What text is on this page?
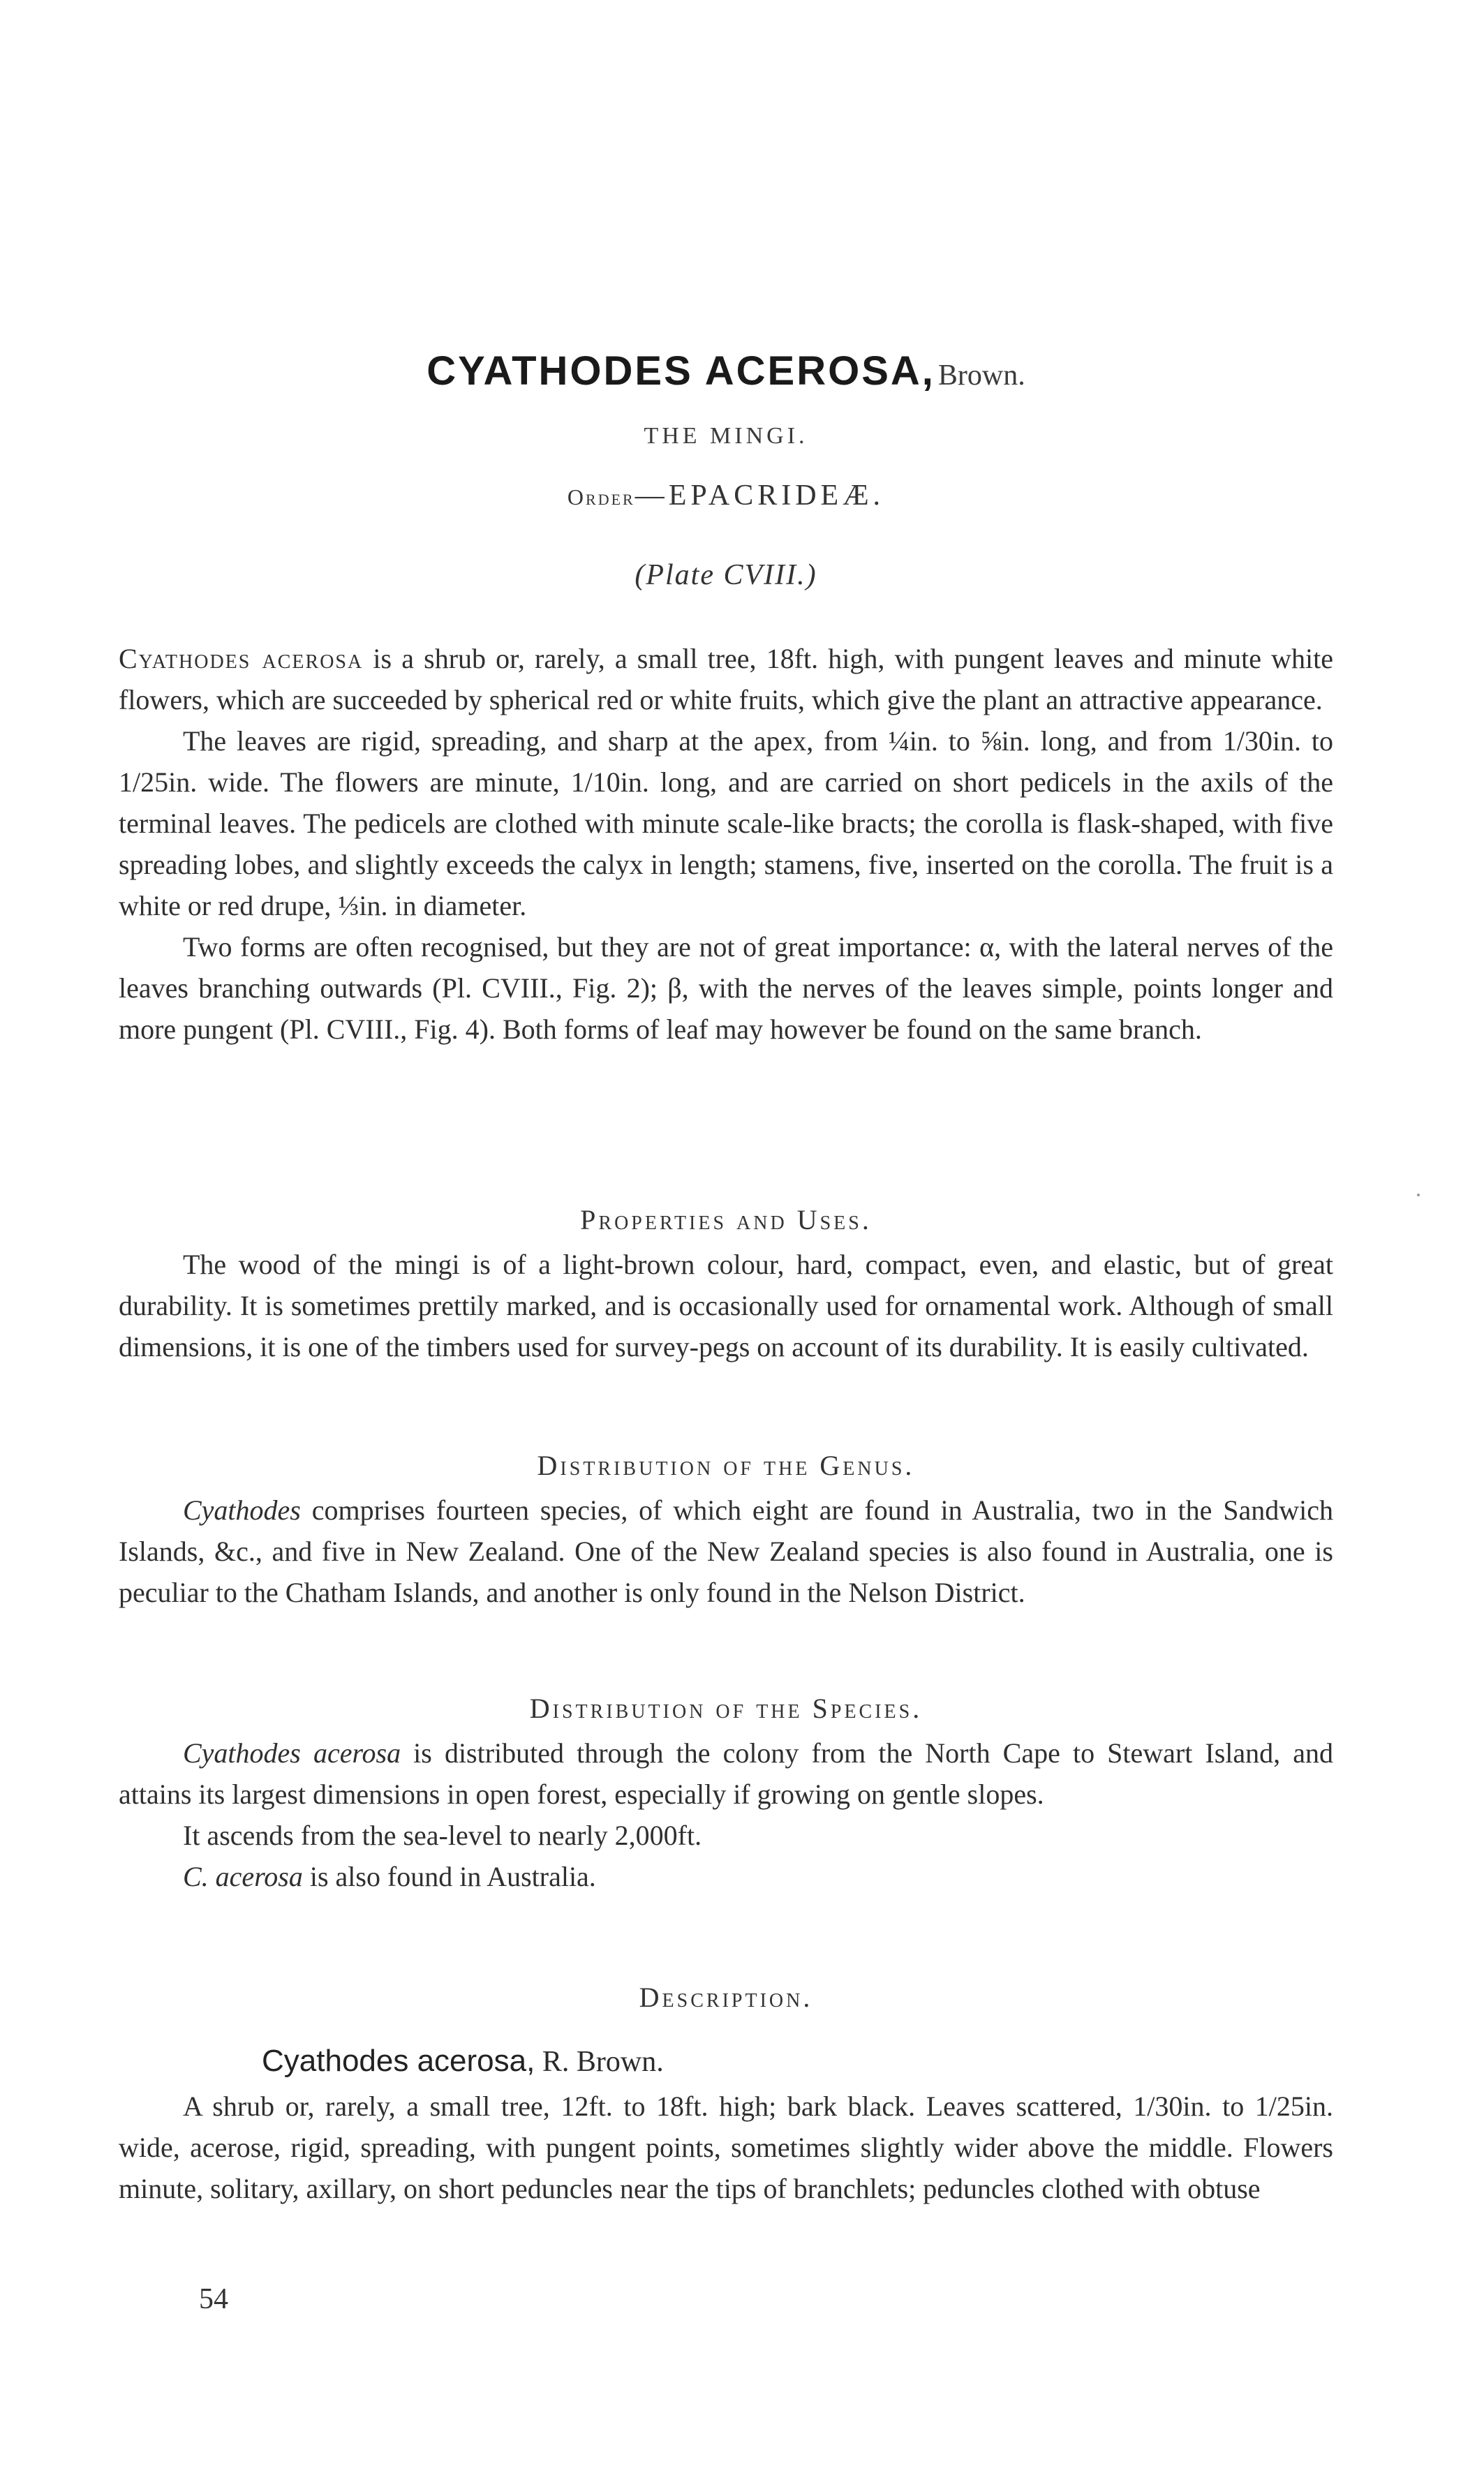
CYATHODES ACEROSA, Brown.
THE MINGI.
Order—EPACRIDEÆ.
(Plate CVIII.)

Cyathodes acerosa is a shrub or, rarely, a small tree, 18ft. high, with pungent leaves and minute white flowers, which are succeeded by spherical red or white fruits, which give the plant an attractive appearance.

The leaves are rigid, spreading, and sharp at the apex, from ¼in. to ⅝in. long, and from 1/30in. to 1/25in. wide. The flowers are minute, 1/10in. long, and are carried on short pedicels in the axils of the terminal leaves. The pedicels are clothed with minute scale-like bracts; the corolla is flask-shaped, with five spreading lobes, and slightly exceeds the calyx in length; stamens, five, inserted on the corolla. The fruit is a white or red drupe, ⅓in. in diameter.

Two forms are often recognised, but they are not of great importance: α, with the lateral nerves of the leaves branching outwards (Pl. CVIII., Fig. 2); β, with the nerves of the leaves simple, points longer and more pungent (Pl. CVIII., Fig. 4). Both forms of leaf may however be found on the same branch.

Properties and Uses.

The wood of the mingi is of a light-brown colour, hard, compact, even, and elastic, but of great durability. It is sometimes prettily marked, and is occasionally used for ornamental work. Although of small dimensions, it is one of the timbers used for survey-pegs on account of its durability. It is easily cultivated.

Distribution of the Genus.

Cyathodes comprises fourteen species, of which eight are found in Australia, two in the Sandwich Islands, &c., and five in New Zealand. One of the New Zealand species is also found in Australia, one is peculiar to the Chatham Islands, and another is only found in the Nelson District.

Distribution of the Species.

Cyathodes acerosa is distributed through the colony from the North Cape to Stewart Island, and attains its largest dimensions in open forest, especially if growing on gentle slopes.

It ascends from the sea-level to nearly 2,000ft.

C. acerosa is also found in Australia.

Description.
Cyathodes acerosa, R. Brown.

A shrub or, rarely, a small tree, 12ft. to 18ft. high; bark black. Leaves scattered, 1/30in. to 1/25in. wide, acerose, rigid, spreading, with pungent points, sometimes slightly wider above the middle. Flowers minute, solitary, axillary, on short peduncles near the tips of branchlets; peduncles clothed with obtuse

54
